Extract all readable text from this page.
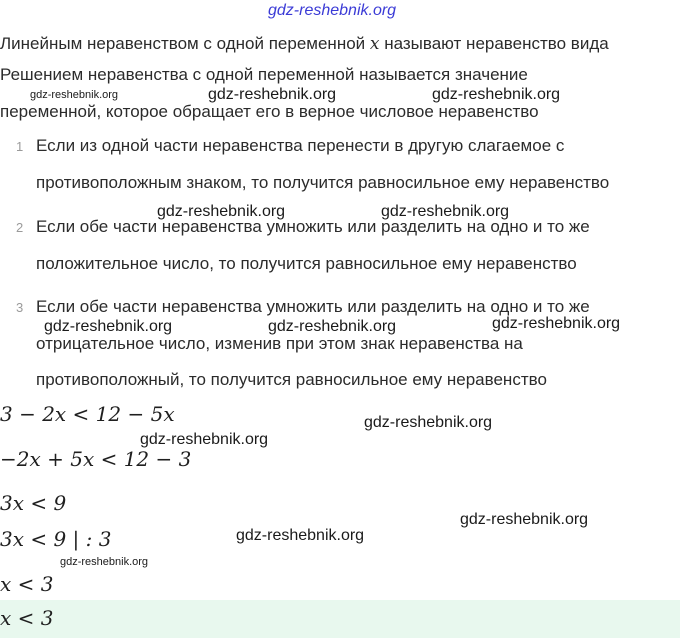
gdz-reshebnik.org
Линейным неравенством с одной переменной x называют неравенство вида
Решением неравенства с одной переменной называется значение
переменной, которое обращает его в верное числовое неравенство
1 Если из одной части неравенства перенести в другую слагаемое с
противоположным знаком, то получится равносильное ему неравенство
2 Если обе части неравенства умножить или разделить на одно и то же
положительное число, то получится равносильное ему неравенство
3 Если обе части неравенства умножить или разделить на одно и то же
отрицательное число, изменив при этом знак неравенства на
противоположный, то получится равносильное ему неравенство
3 − 2x < 12 − 5x
−2x + 5x < 12 − 3
3x < 9
3x < 9 | : 3
x < 3
x < 3
gdz-reshebnik.org	gdz-reshebnik.org	gdz-reshebnik.org
gdz-reshebnik.org	gdz-reshebnik.org
gdz-reshebnik.org	gdz-reshebnik.org	gdz-reshebnik.org
gdz-reshebnik.org
gdz-reshebnik.org
gdz-reshebnik.org
gdz-reshebnik.org
gdz-reshebnik.org
